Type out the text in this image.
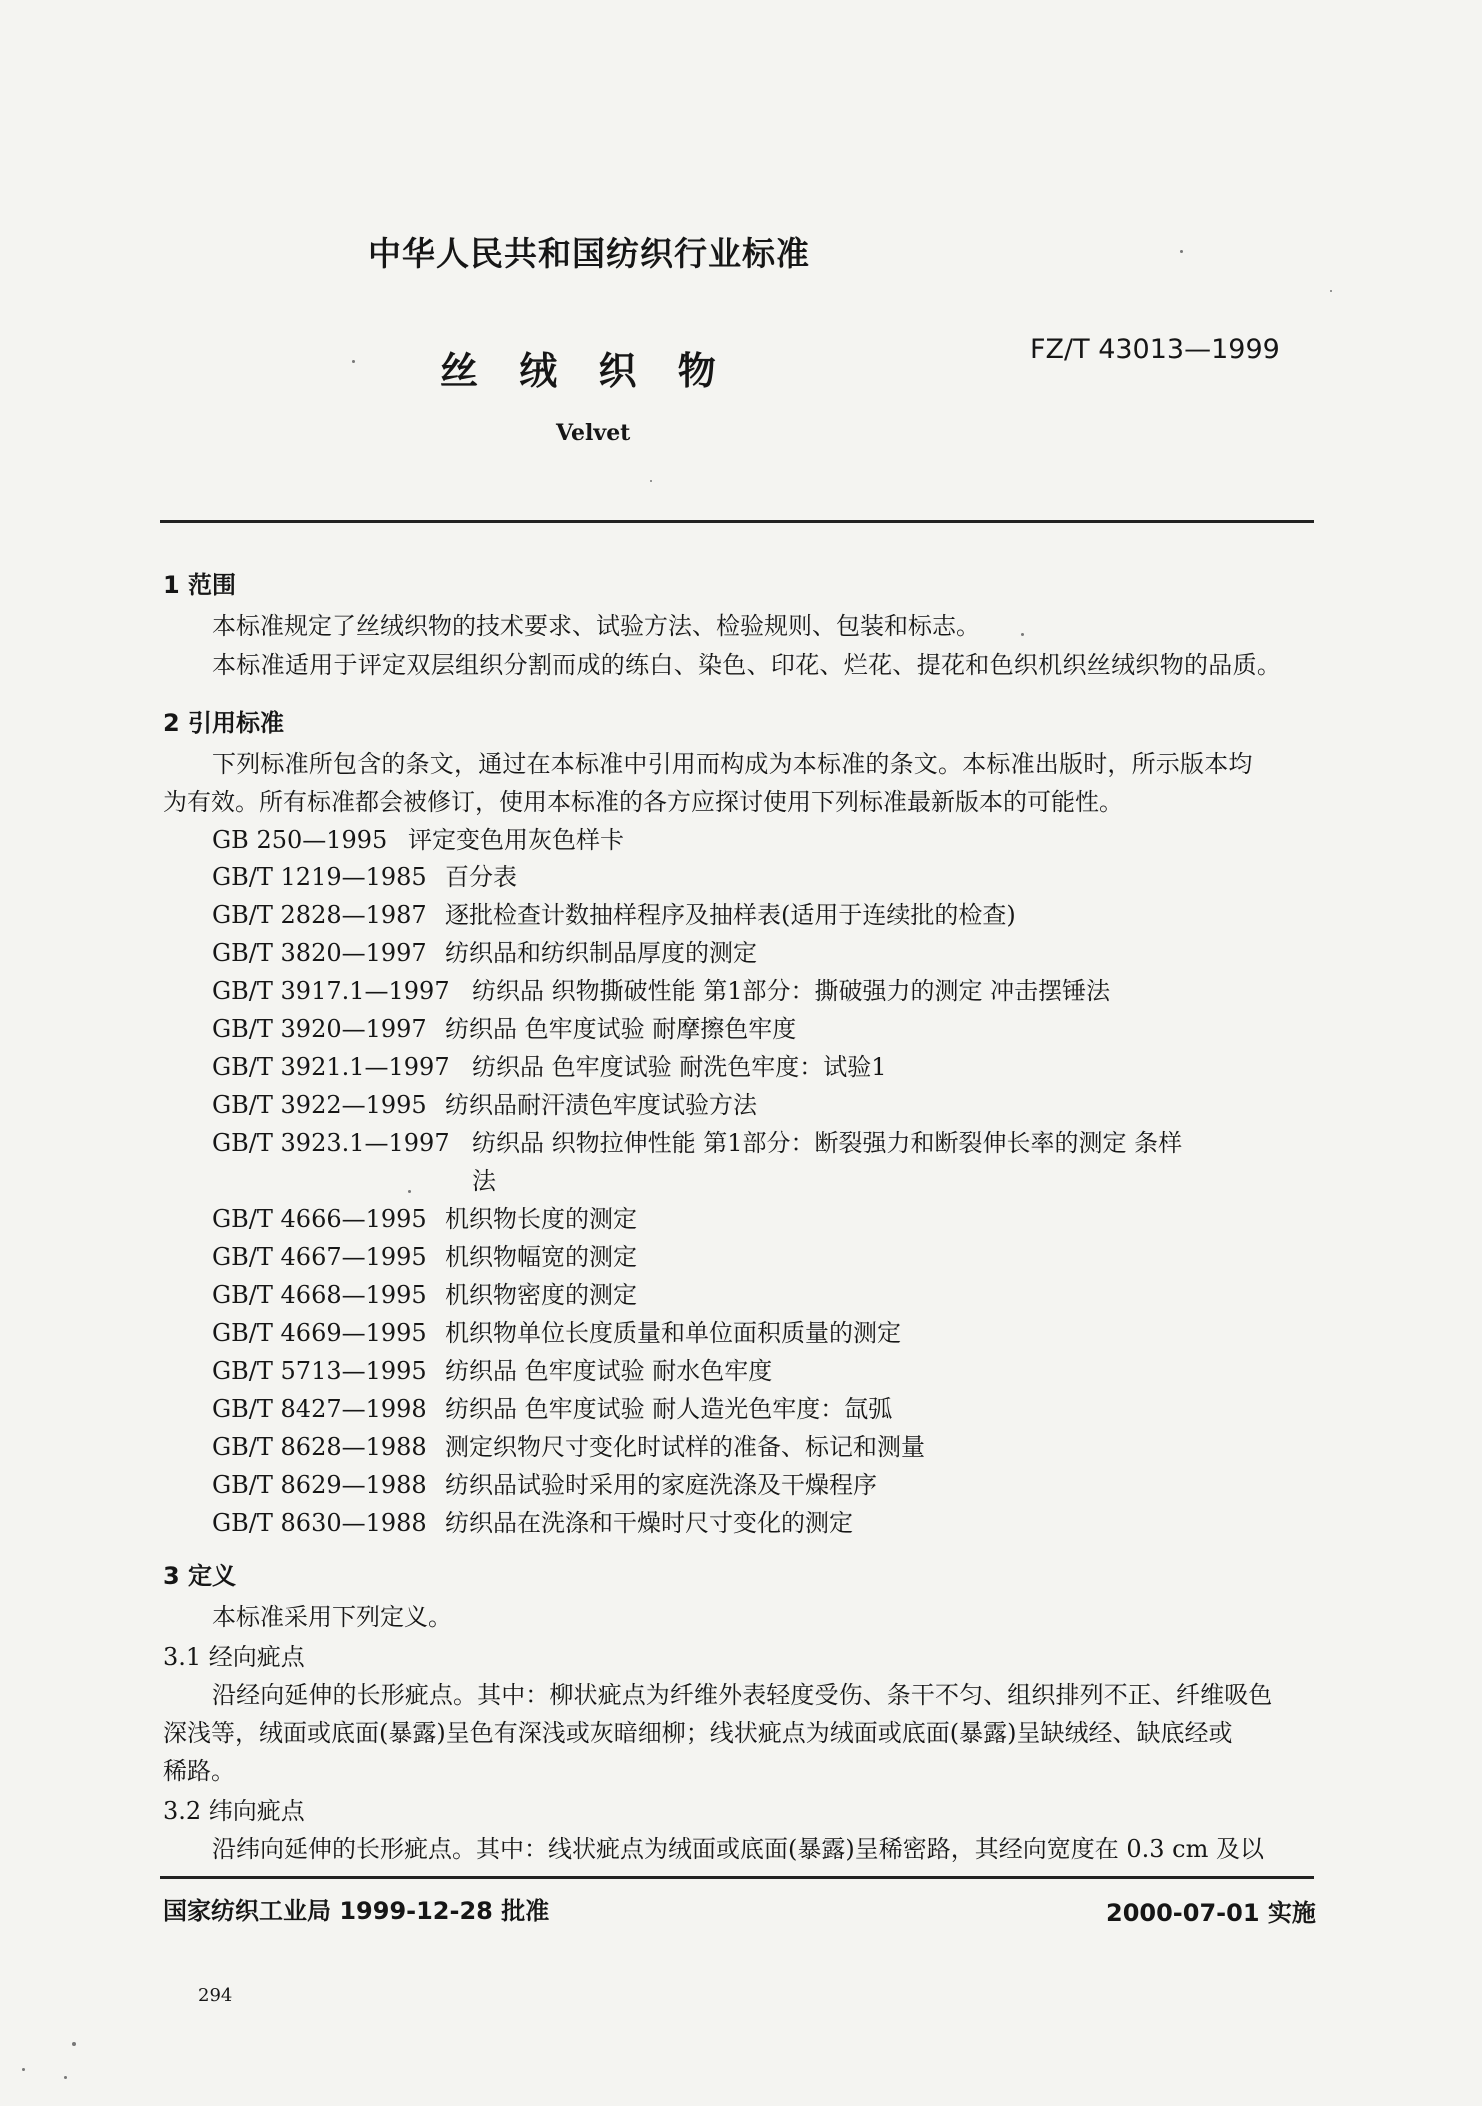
中华人民共和国纺织行业标准
丝 绒 织 物	FZ/T 43013—1999
Velvet
1 范围
本标准规定了丝绒织物的技术要求、试验方法、检验规则、包装和标志。
本标准适用于评定双层组织分割而成的练白、染色、印花、烂花、提花和色织机织丝绒织物的品质。
2 引用标准
下列标准所包含的条文，通过在本标准中引用而构成为本标准的条文。本标准出版时，所示版本均
为有效。所有标准都会被修订，使用本标准的各方应探讨使用下列标准最新版本的可能性。
GB 250—1995 评定变色用灰色样卡
GB/T 1219—1985 百分表
GB/T 2828—1987 逐批检查计数抽样程序及抽样表(适用于连续批的检查)
GB/T 3820—1997 纺织品和纺织制品厚度的测定
GB/T 3917.1—1997 纺织品 织物撕破性能 第1部分：撕破强力的测定 冲击摆锤法
GB/T 3920—1997 纺织品 色牢度试验 耐摩擦色牢度
GB/T 3921.1—1997 纺织品 色牢度试验 耐洗色牢度：试验1
GB/T 3922—1995 纺织品耐汗渍色牢度试验方法
GB/T 3923.1—1997 纺织品 织物拉伸性能 第1部分：断裂强力和断裂伸长率的测定 条样
法
GB/T 4666—1995 机织物长度的测定
GB/T 4667—1995 机织物幅宽的测定
GB/T 4668—1995 机织物密度的测定
GB/T 4669—1995 机织物单位长度质量和单位面积质量的测定
GB/T 5713—1995 纺织品 色牢度试验 耐水色牢度
GB/T 8427—1998 纺织品 色牢度试验 耐人造光色牢度：氙弧
GB/T 8628—1988 测定织物尺寸变化时试样的准备、标记和测量
GB/T 8629—1988 纺织品试验时采用的家庭洗涤及干燥程序
GB/T 8630—1988 纺织品在洗涤和干燥时尺寸变化的测定
3 定义
本标准采用下列定义。
3.1 经向疵点
沿经向延伸的长形疵点。其中：柳状疵点为纤维外表轻度受伤、条干不匀、组织排列不正、纤维吸色
深浅等，绒面或底面(暴露)呈色有深浅或灰暗细柳；线状疵点为绒面或底面(暴露)呈缺绒经、缺底经或
稀路。
3.2 纬向疵点
沿纬向延伸的长形疵点。其中：线状疵点为绒面或底面(暴露)呈稀密路，其经向宽度在 0.3 cm 及以
国家纺织工业局 1999-12-28 批准	2000-07-01 实施
294
